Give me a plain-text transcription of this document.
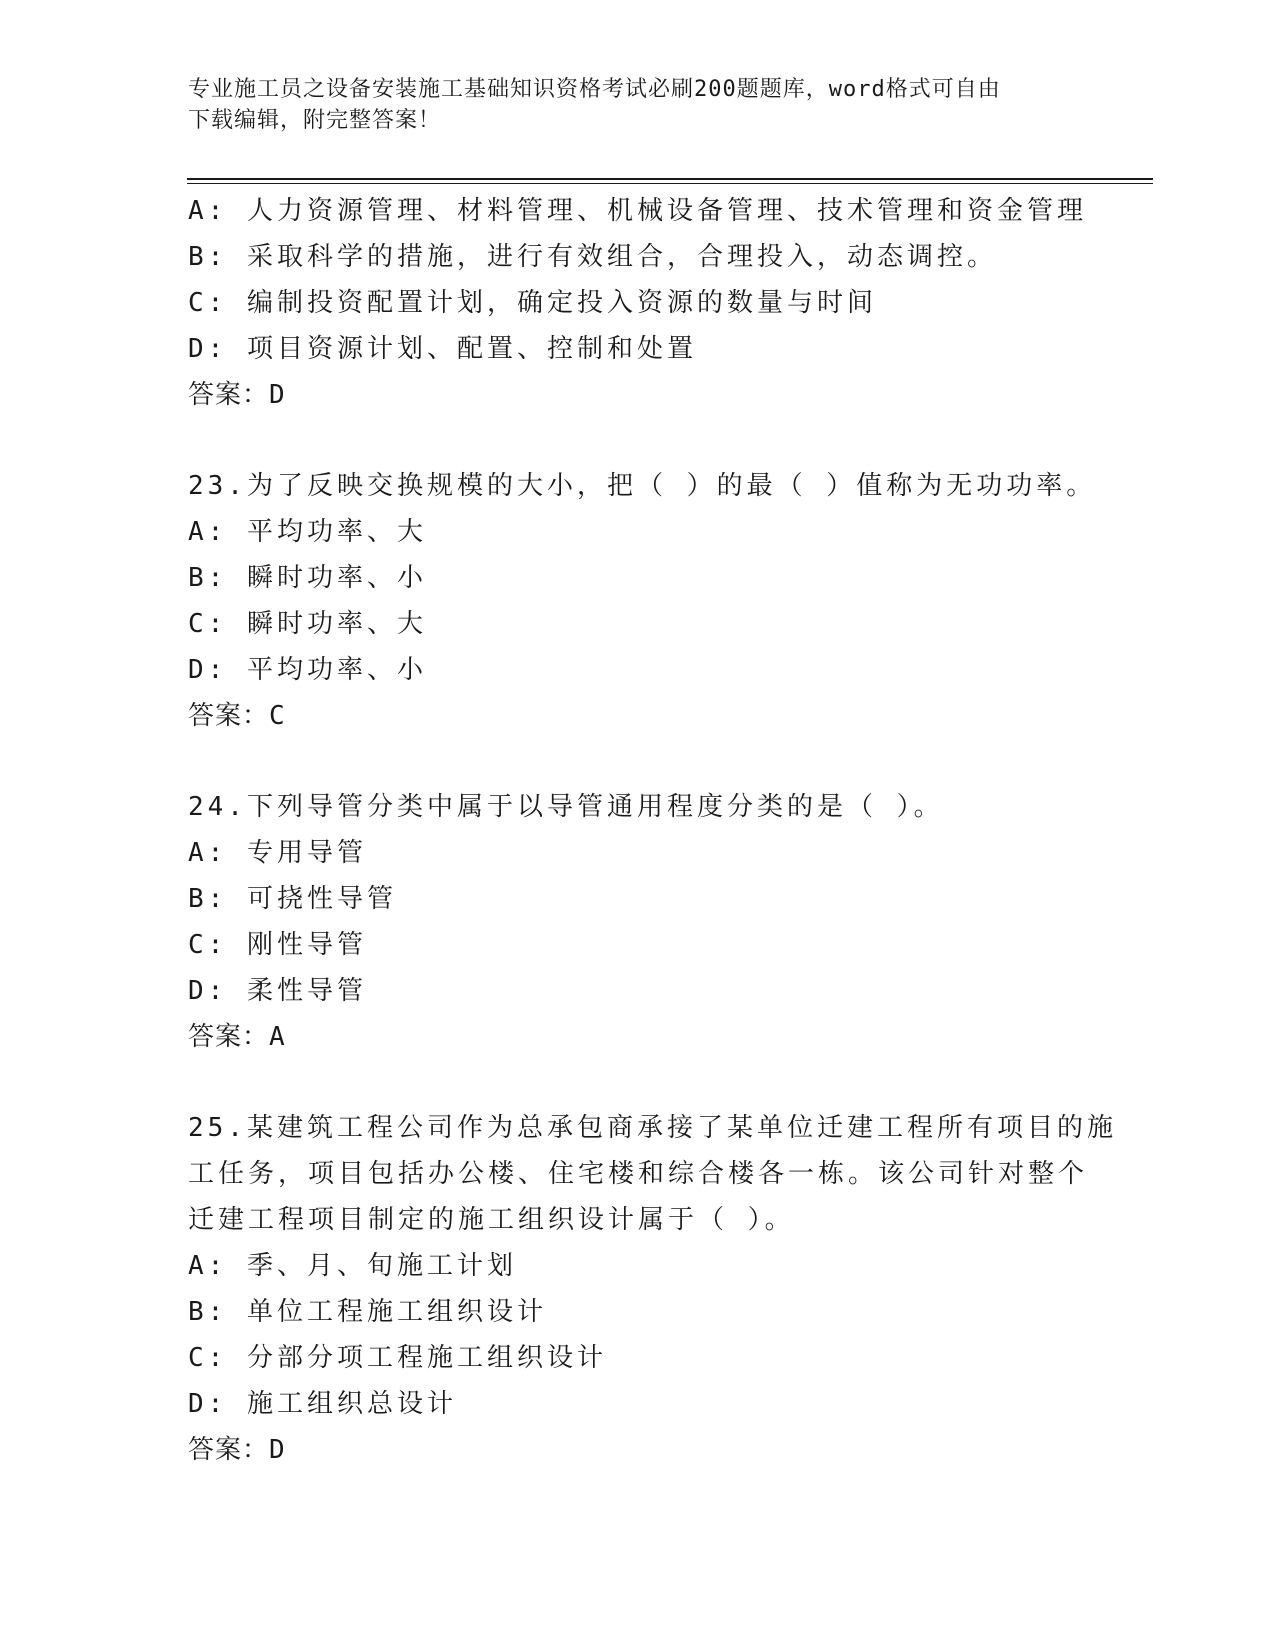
专业施工员之设备安装施工基础知识资格考试必刷200题题库，word格式可自由
下载编辑，附完整答案！
A: 人力资源管理、材料管理、机械设备管理、技术管理和资金管理
B: 采取科学的措施，进行有效组合，合理投入，动态调控。
C: 编制投资配置计划，确定投入资源的数量与时间
D: 项目资源计划、配置、控制和处置
答案：D
23.为了反映交换规模的大小，把（ ）的最（ ）值称为无功功率。
A: 平均功率、大
B: 瞬时功率、小
C: 瞬时功率、大
D: 平均功率、小
答案：C
24.下列导管分类中属于以导管通用程度分类的是（ ）。
A: 专用导管
B: 可挠性导管
C: 刚性导管
D: 柔性导管
答案：A
25.某建筑工程公司作为总承包商承接了某单位迁建工程所有项目的施
工任务，项目包括办公楼、住宅楼和综合楼各一栋。该公司针对整个
迁建工程项目制定的施工组织设计属于（ ）。
A: 季、月、旬施工计划
B: 单位工程施工组织设计
C: 分部分项工程施工组织设计
D: 施工组织总设计
答案：D
